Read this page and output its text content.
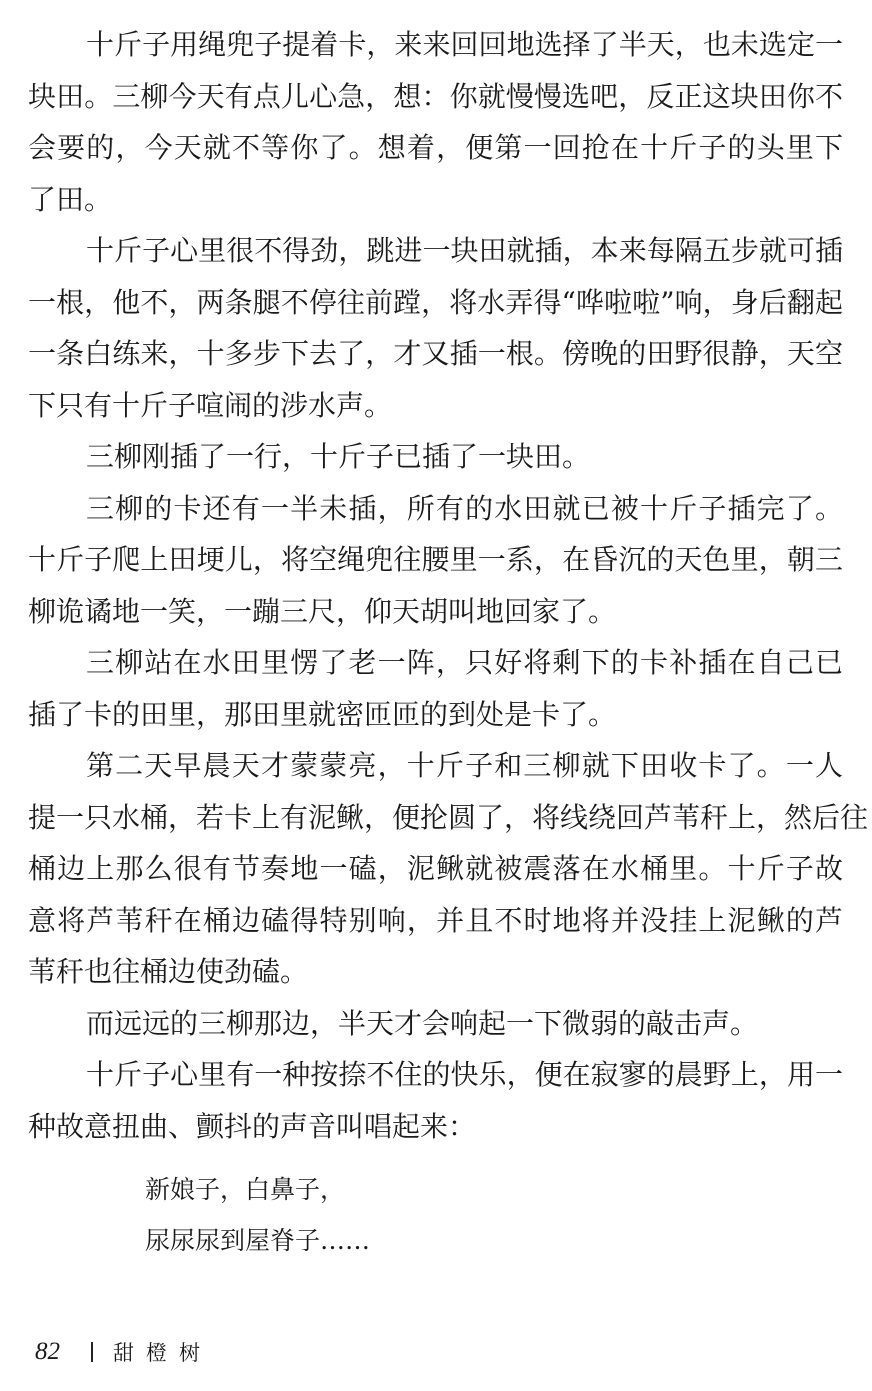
十斤子用绳兜子提着卡，来来回回地选择了半天，也未选定一
块田。三柳今天有点儿心急，想：你就慢慢选吧，反正这块田你不
会要的，今天就不等你了。想着，便第一回抢在十斤子的头里下
了田。
十斤子心里很不得劲，跳进一块田就插，本来每隔五步就可插
一根，他不，两条腿不停往前蹚，将水弄得“哗啦啦”响，身后翻起
一条白练来，十多步下去了，才又插一根。傍晚的田野很静，天空
下只有十斤子喧闹的涉水声。
三柳刚插了一行，十斤子已插了一块田。
三柳的卡还有一半未插，所有的水田就已被十斤子插完了。
十斤子爬上田埂儿，将空绳兜往腰里一系，在昏沉的天色里，朝三
柳诡谲地一笑，一蹦三尺，仰天胡叫地回家了。
三柳站在水田里愣了老一阵，只好将剩下的卡补插在自己已
插了卡的田里，那田里就密匝匝的到处是卡了。
第二天早晨天才蒙蒙亮，十斤子和三柳就下田收卡了。一人
提一只水桶，若卡上有泥鳅，便抡圆了，将线绕回芦苇秆上，然后往
桶边上那么很有节奏地一磕，泥鳅就被震落在水桶里。十斤子故
意将芦苇秆在桶边磕得特别响，并且不时地将并没挂上泥鳅的芦
苇秆也往桶边使劲磕。
而远远的三柳那边，半天才会响起一下微弱的敲击声。
十斤子心里有一种按捺不住的快乐，便在寂寥的晨野上，用一
种故意扭曲、颤抖的声音叫唱起来：
新娘子，白鼻子，
尿尿尿到屋脊子……
82	甜橙树
